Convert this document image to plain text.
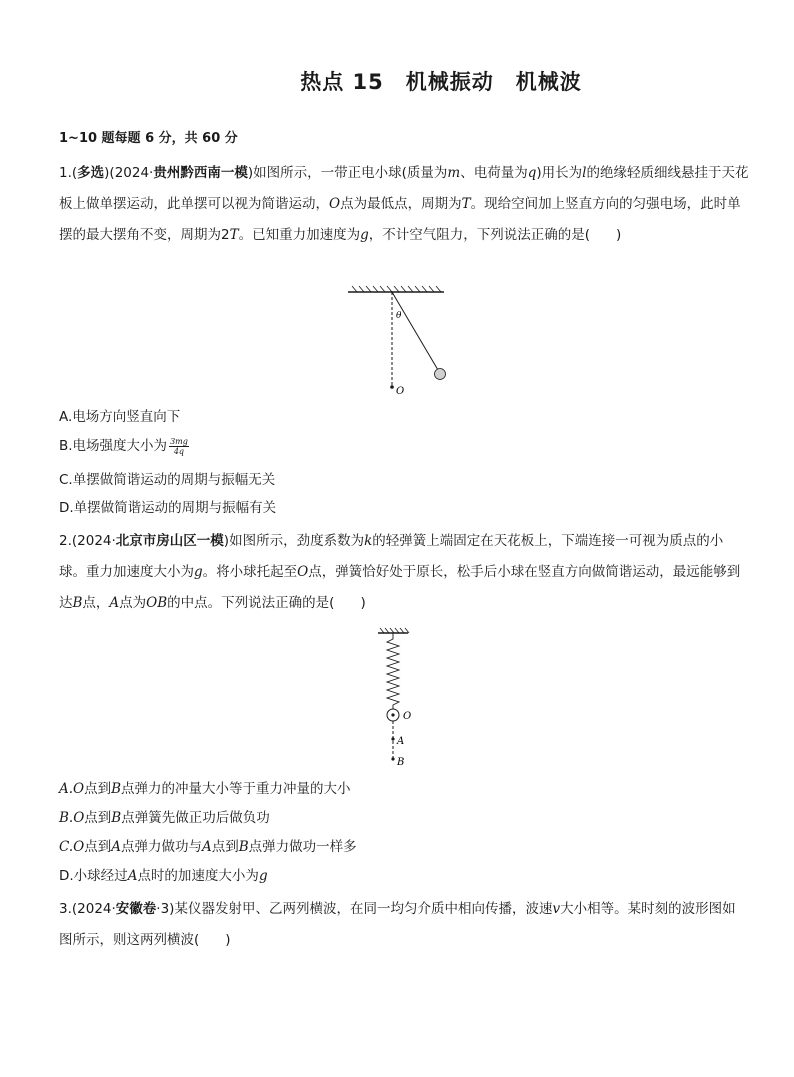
热点 15　机械振动　机械波
1~10 题每题 6 分，共 60 分
1.(多选)(2024·贵州黔西南一模)如图所示，一带正电小球(质量为m、电荷量为q)用长为l的绝缘轻质细线悬挂于天花板上做单摆运动，此单摆可以视为简谐运动，O点为最低点，周期为T。现给空间加上竖直方向的匀强电场，此时单摆的最大摆角不变，周期为2T。已知重力加速度为g，不计空气阻力，下列说法正确的是( )
θ
O
A.电场方向竖直向下
B.电场强度大小为 $\frac{3mg}{4q}$
C.单摆做简谐运动的周期与振幅无关
D.单摆做简谐运动的周期与振幅有关
2.(2024·北京市房山区一模)如图所示，劲度系数为k的轻弹簧上端固定在天花板上，下端连接一可视为质点的小球。重力加速度大小为g。将小球托起至O点，弹簧恰好处于原长，松手后小球在竖直方向做简谐运动，最远能够到达B点，A点为OB的中点。下列说法正确的是( )
O
A
B
A.O点到B点弹力的冲量大小等于重力冲量的大小
B.O点到B点弹簧先做正功后做负功
C.O点到A点弹力做功与A点到B点弹力做功一样多
D.小球经过A点时的加速度大小为g
3.(2024·安徽卷·3)某仪器发射甲、乙两列横波，在同一均匀介质中相向传播，波速v大小相等。某时刻的波形图如图所示，则这两列横波( )
